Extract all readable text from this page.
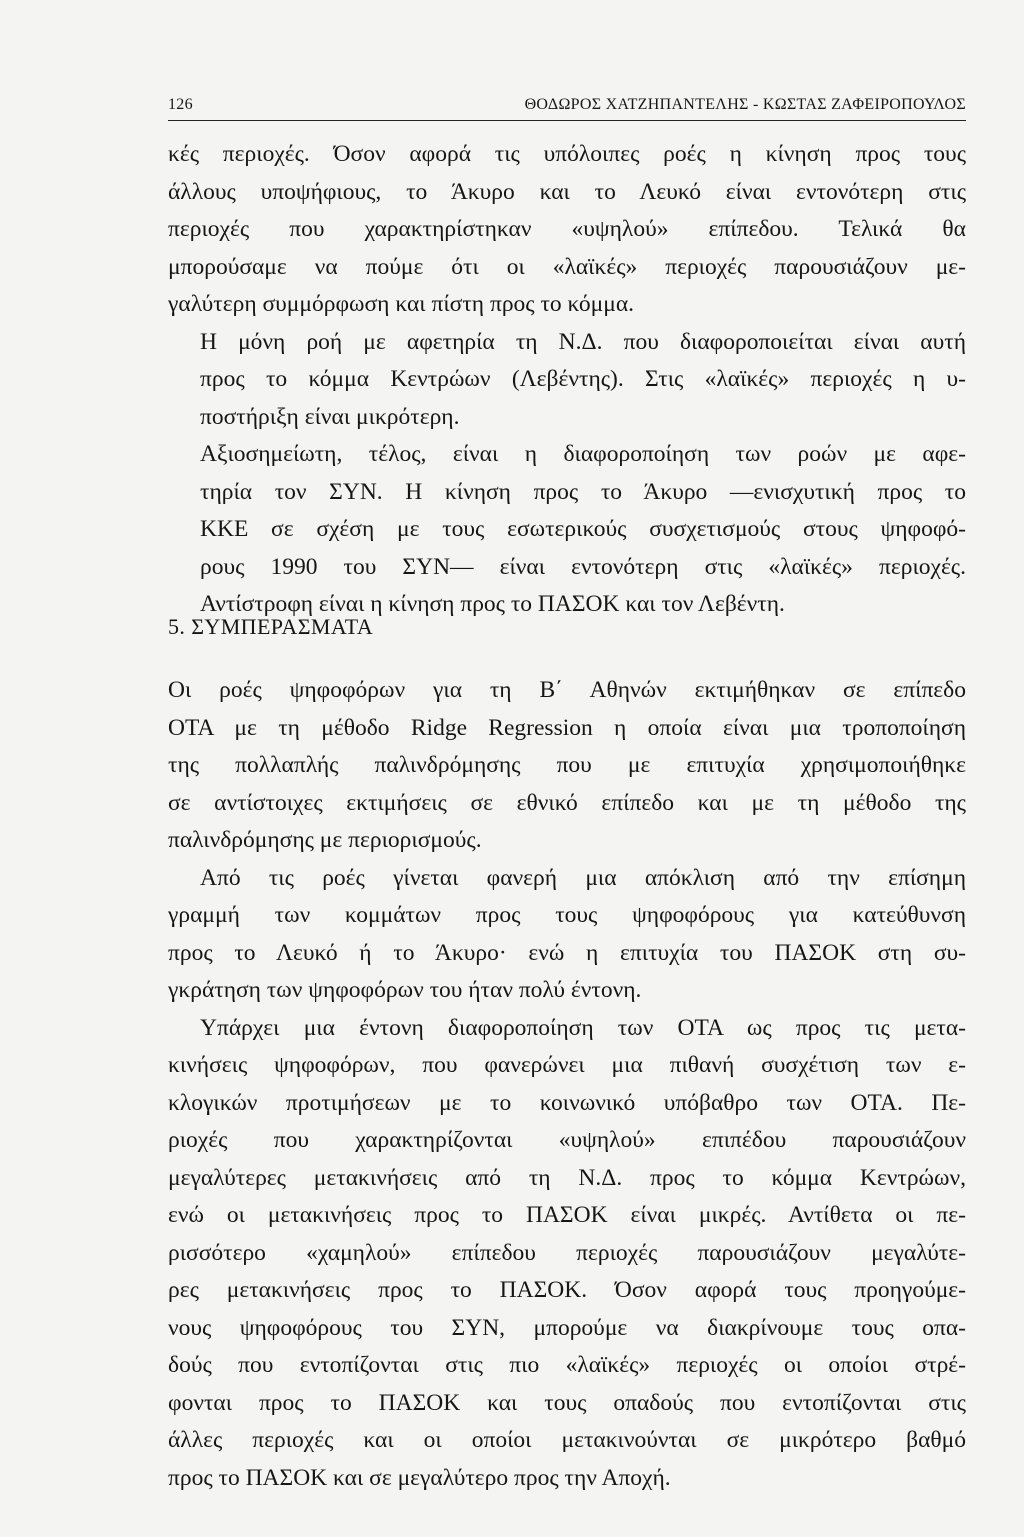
126	ΘΟΔΩΡΟΣ ΧΑΤΖΗΠΑΝΤΕΛΗΣ - ΚΩΣΤΑΣ ΖΑΦΕΙΡΟΠΟΥΛΟΣ

κές περιοχές. Όσον αφορά τις υπόλοιπες ροές η κίνηση προς τους
άλλους υποψήφιους, το Άκυρο και το Λευκό είναι εντονότερη στις
περιοχές που χαρακτηρίστηκαν «υψηλού» επίπεδου. Τελικά θα
μπορούσαμε να πούμε ότι οι «λαϊκές» περιοχές παρουσιάζουν με-
γαλύτερη συμμόρφωση και πίστη προς το κόμμα.

Η μόνη ροή με αφετηρία τη Ν.Δ. που διαφοροποιείται είναι αυτή
προς το κόμμα Κεντρώων (Λεβέντης). Στις «λαϊκές» περιοχές η υ-
ποστήριξη είναι μικρότερη.

Αξιοσημείωτη, τέλος, είναι η διαφοροποίηση των ροών με αφε-
τηρία τον ΣΥΝ. Η κίνηση προς το Άκυρο —ενισχυτική προς το
ΚΚΕ σε σχέση με τους εσωτερικούς συσχετισμούς στους ψηφοφό-
ρους 1990 του ΣΥΝ— είναι εντονότερη στις «λαϊκές» περιοχές.
Αντίστροφη είναι η κίνηση προς το ΠΑΣΟΚ και τον Λεβέντη.

5. ΣΥΜΠΕΡΑΣΜΑΤΑ

Οι ροές ψηφοφόρων για τη Β΄ Αθηνών εκτιμήθηκαν σε επίπεδο
ΟΤΑ με τη μέθοδο Ridge Regression η οποία είναι μια τροποποίηση
της πολλαπλής παλινδρόμησης που με επιτυχία χρησιμοποιήθηκε
σε αντίστοιχες εκτιμήσεις σε εθνικό επίπεδο και με τη μέθοδο της
παλινδρόμησης με περιορισμούς.

Από τις ροές γίνεται φανερή μια απόκλιση από την επίσημη
γραμμή των κομμάτων προς τους ψηφοφόρους για κατεύθυνση
προς το Λευκό ή το Άκυρο· ενώ η επιτυχία του ΠΑΣΟΚ στη συ-
γκράτηση των ψηφοφόρων του ήταν πολύ έντονη.

Υπάρχει μια έντονη διαφοροποίηση των ΟΤΑ ως προς τις μετα-
κινήσεις ψηφοφόρων, που φανερώνει μια πιθανή συσχέτιση των ε-
κλογικών προτιμήσεων με το κοινωνικό υπόβαθρο των ΟΤΑ. Πε-
ριοχές που χαρακτηρίζονται «υψηλού» επιπέδου παρουσιάζουν
μεγαλύτερες μετακινήσεις από τη Ν.Δ. προς το κόμμα Κεντρώων,
ενώ οι μετακινήσεις προς το ΠΑΣΟΚ είναι μικρές. Αντίθετα οι πε-
ρισσότερο «χαμηλού» επίπεδου περιοχές παρουσιάζουν μεγαλύτε-
ρες μετακινήσεις προς το ΠΑΣΟΚ. Όσον αφορά τους προηγούμε-
νους ψηφοφόρους του ΣΥΝ, μπορούμε να διακρίνουμε τους οπα-
δούς που εντοπίζονται στις πιο «λαϊκές» περιοχές οι οποίοι στρέ-
φονται προς το ΠΑΣΟΚ και τους οπαδούς που εντοπίζονται στις
άλλες περιοχές και οι οποίοι μετακινούνται σε μικρότερο βαθμό
προς το ΠΑΣΟΚ και σε μεγαλύτερο προς την Αποχή.
